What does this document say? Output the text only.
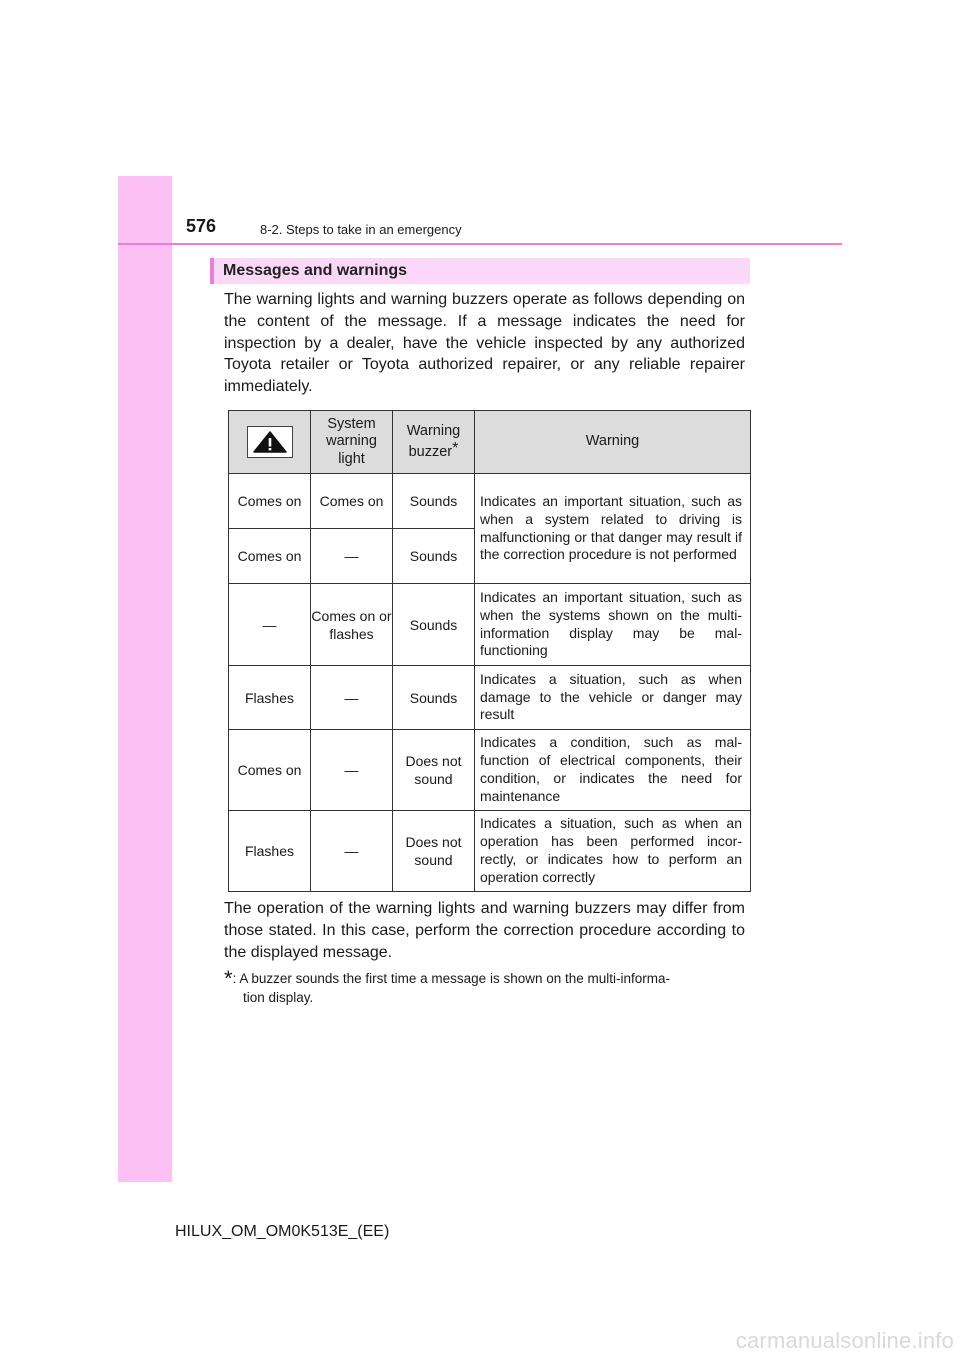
576	8-2. Steps to take in an emergency
Messages and warnings

The warning lights and warning buzzers operate as follows depending on the content of the message. If a message indicates the need for inspection by a dealer, have the vehicle inspected by any authorized Toyota retailer or Toyota authorized repairer, or any reliable repairer immediately.

	System warning light	Warning buzzer*	Warning
Comes on	Comes on	Sounds	Indicates an important situation, such as when a system related to driving is malfunctioning or that danger may result if the correction procedure is not performed
Comes on	—	Sounds	
—	Comes on or flashes	Sounds	Indicates an important situation, such as when the systems shown on the multi-information display may be mal-functioning
Flashes	—	Sounds	Indicates a situation, such as when damage to the vehicle or danger may result
Comes on	—	Does not sound	Indicates a condition, such as mal-function of electrical components, their condition, or indicates the need for maintenance
Flashes	—	Does not sound	Indicates a situation, such as when an operation has been performed incor-rectly, or indicates how to perform an operation correctly

The operation of the warning lights and warning buzzers may differ from those stated. In this case, perform the correction procedure according to the displayed message.

*: A buzzer sounds the first time a message is shown on the multi-informa-
tion display.
HILUX_OM_OM0K513E_(EE)
carmanualsonline.info
